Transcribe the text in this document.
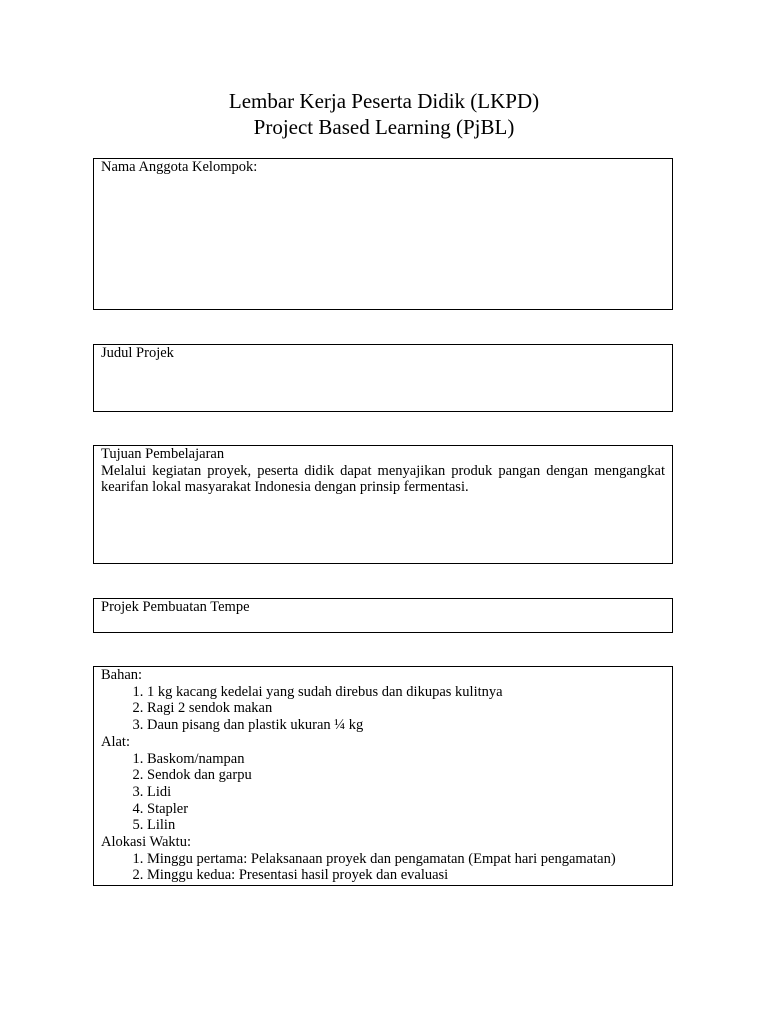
Lembar Kerja Peserta Didik (LKPD)
Project Based Learning (PjBL)
Nama Anggota Kelompok:
Judul Projek
Tujuan Pembelajaran
Melalui kegiatan proyek, peserta didik dapat menyajikan produk pangan dengan mengangkat kearifan lokal masyarakat Indonesia dengan prinsip fermentasi.
Projek Pembuatan Tempe
Bahan:
1. 1 kg kacang kedelai yang sudah direbus dan dikupas kulitnya
2. Ragi 2 sendok makan
3. Daun pisang dan plastik ukuran ¼ kg
Alat:
1. Baskom/nampan
2. Sendok dan garpu
3. Lidi
4. Stapler
5. Lilin
Alokasi Waktu:
1. Minggu pertama: Pelaksanaan proyek dan pengamatan (Empat hari pengamatan)
2. Minggu kedua: Presentasi hasil proyek dan evaluasi
